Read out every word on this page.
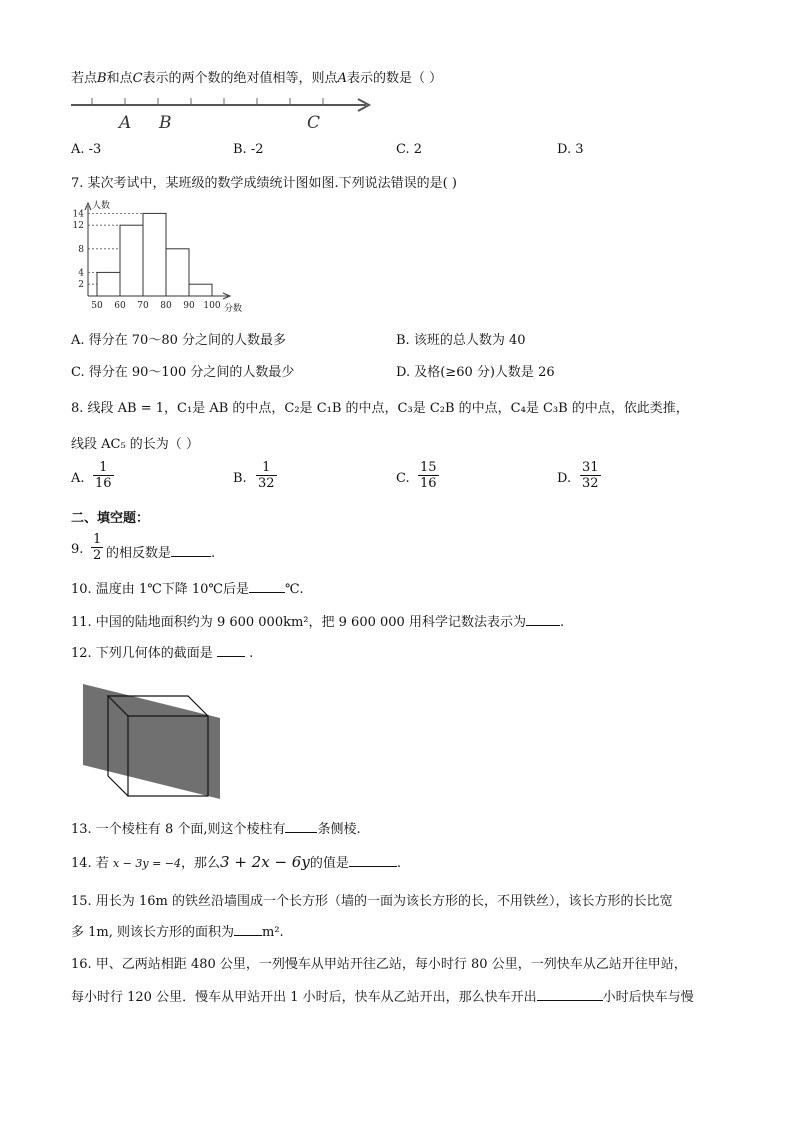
若点B和点C表示的两个数的绝对值相等，则点A表示的数是（ ）
A B	C
A. -3	B. -2	C. 2	D. 3
7. 某次考试中，某班级的数学成绩统计图如图.下列说法错误的是( )
人数
分数
50 60 70 80 90 100
2
4
8
12
14
A. 得分在 70～80 分之间的人数最多	B. 该班的总人数为 40
C. 得分在 90～100 分之间的人数最少	D. 及格(≥60 分)人数是 26
8. 线段 AB = 1，C₁是 AB 的中点，C₂是 C₁B 的中点，C₃是 C₂B 的中点，C₄是 C₃B 的中点，依此类推，
线段 AC₅ 的长为（ ）
A. $\frac{1}{16}$	B. $\frac{1}{32}$	C. $\frac{15}{16}$	D. $\frac{31}{32}$
二、填空题：
9. $\frac{1}{2}$ 的相反数是	.
10. 温度由 1℃下降 10℃后是	℃.
11. 中国的陆地面积约为 9 600 000km²，把 9 600 000 用科学记数法表示为	.
12. 下列几何体的截面是	.
13. 一个棱柱有 8 个面,则这个棱柱有 条侧棱.
14. 若 x − 3y = −4，那么3 + 2x − 6y的值是	.
15. 用长为 16m 的铁丝沿墙围成一个长方形（墙的一面为该长方形的长，不用铁丝），该长方形的长比宽
多 1m, 则该长方形的面积为 m².
16. 甲、乙两站相距 480 公里，一列慢车从甲站开往乙站，每小时行 80 公里，一列快车从乙站开往甲站，
每小时行 120 公里．慢车从甲站开出 1 小时后，快车从乙站开出，那么快车开出	小时后快车与慢
